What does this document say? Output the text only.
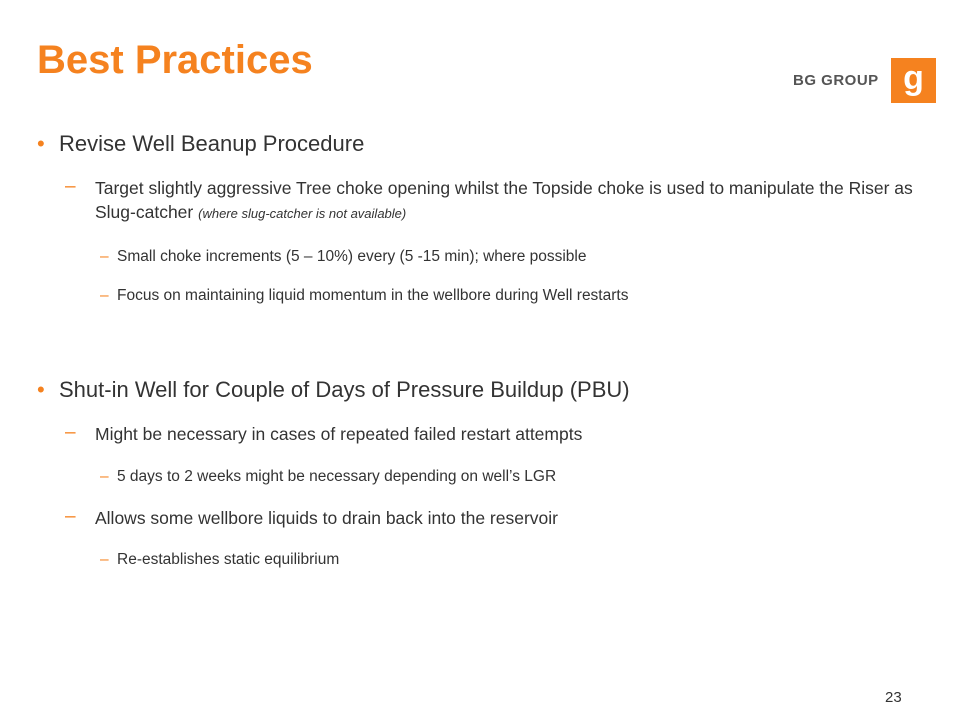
Best Practices	BG GROUP g
• Revise Well Beanup Procedure
– Target slightly aggressive Tree choke opening whilst the Topside choke is used to manipulate the Riser as Slug-catcher (where slug-catcher is not available)
– Small choke increments (5 – 10%) every (5 -15 min); where possible
– Focus on maintaining liquid momentum in the wellbore during Well restarts
• Shut-in Well for Couple of Days of Pressure Buildup (PBU)
– Might be necessary in cases of repeated failed restart attempts
– 5 days to 2 weeks might be necessary depending on well’s LGR
– Allows some wellbore liquids to drain back into the reservoir
– Re-establishes static equilibrium
23
